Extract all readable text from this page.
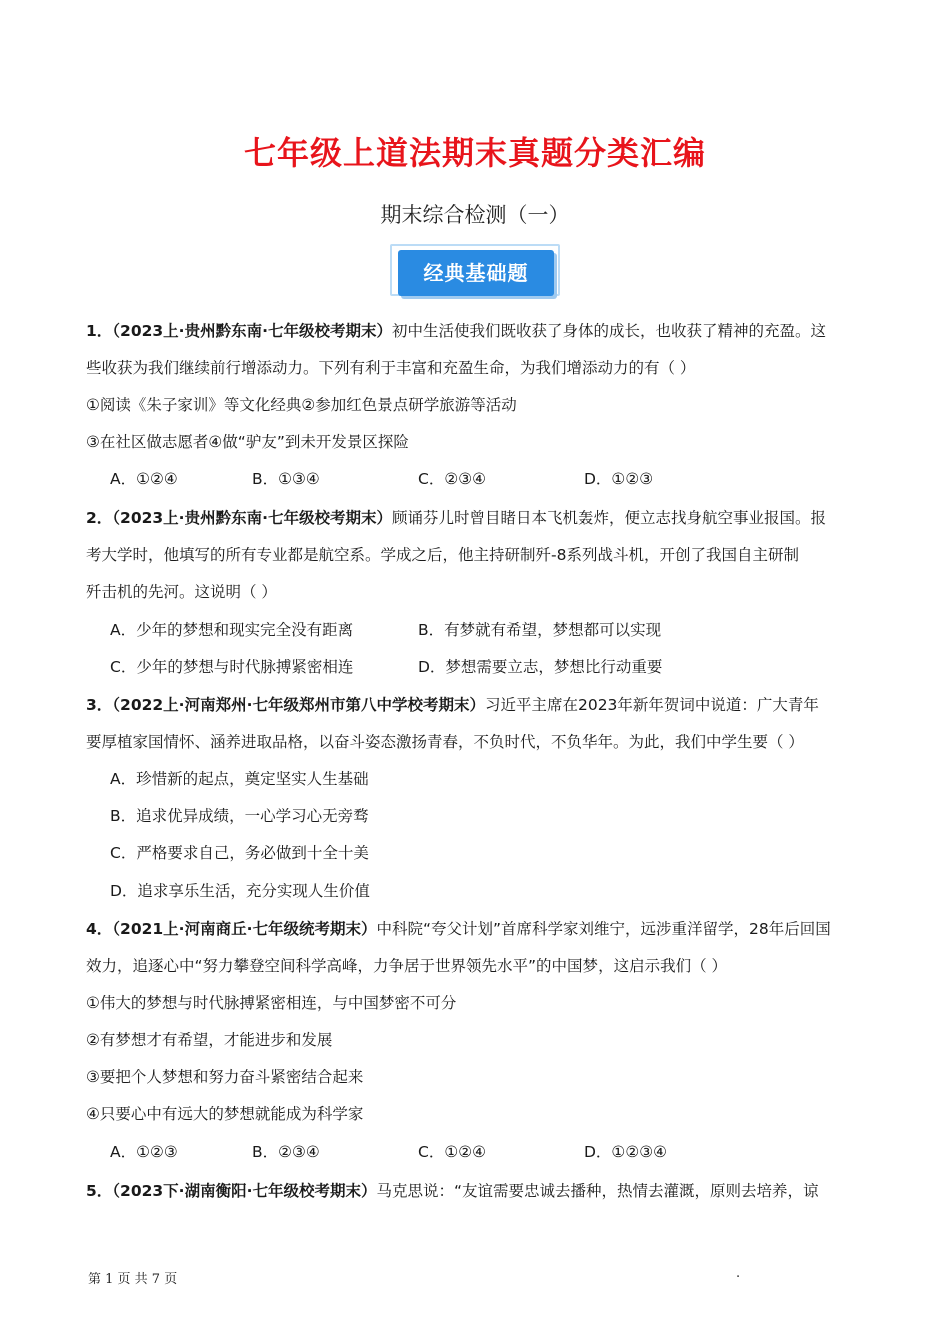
七年级上道法期末真题分类汇编
期末综合检测（一）
经典基础题
1．（2023上·贵州黔东南·七年级校考期末）初中生活使我们既收获了身体的成长，也收获了精神的充盈。这
些收获为我们继续前行增添动力。下列有利于丰富和充盈生命，为我们增添动力的有（ ）
①阅读《朱子家训》等文化经典②参加红色景点研学旅游等活动
③在社区做志愿者④做“驴友”到未开发景区探险
A．①②④	B．①③④	C．②③④	D．①②③
2．（2023上·贵州黔东南·七年级校考期末）顾诵芬儿时曾目睹日本飞机轰炸，便立志找身航空事业报国。报
考大学时，他填写的所有专业都是航空系。学成之后，他主持研制歼-8系列战斗机，开创了我国自主研制
歼击机的先河。这说明（ ）
A．少年的梦想和现实完全没有距离	B．有梦就有希望，梦想都可以实现
C．少年的梦想与时代脉搏紧密相连	D．梦想需要立志，梦想比行动重要
3．（2022上·河南郑州·七年级郑州市第八中学校考期末）习近平主席在2023年新年贺词中说道：广大青年
要厚植家国情怀、涵养进取品格，以奋斗姿态激扬青春，不负时代，不负华年。为此，我们中学生要（ ）
A．珍惜新的起点，奠定坚实人生基础
B．追求优异成绩，一心学习心无旁骛
C．严格要求自己，务必做到十全十美
D．追求享乐生活，充分实现人生价值
4．（2021上·河南商丘·七年级统考期末）中科院“夸父计划”首席科学家刘维宁，远涉重洋留学，28年后回国
效力，追逐心中“努力攀登空间科学高峰，力争居于世界领先水平”的中国梦，这启示我们（ ）
①伟大的梦想与时代脉搏紧密相连，与中国梦密不可分
②有梦想才有希望，才能进步和发展
③要把个人梦想和努力奋斗紧密结合起来
④只要心中有远大的梦想就能成为科学家
A．①②③	B．②③④	C．①②④	D．①②③④
5．（2023下·湖南衡阳·七年级校考期末）马克思说：“友谊需要忠诚去播种，热情去灌溉，原则去培养，谅
第 1 页 共 7 页	.
